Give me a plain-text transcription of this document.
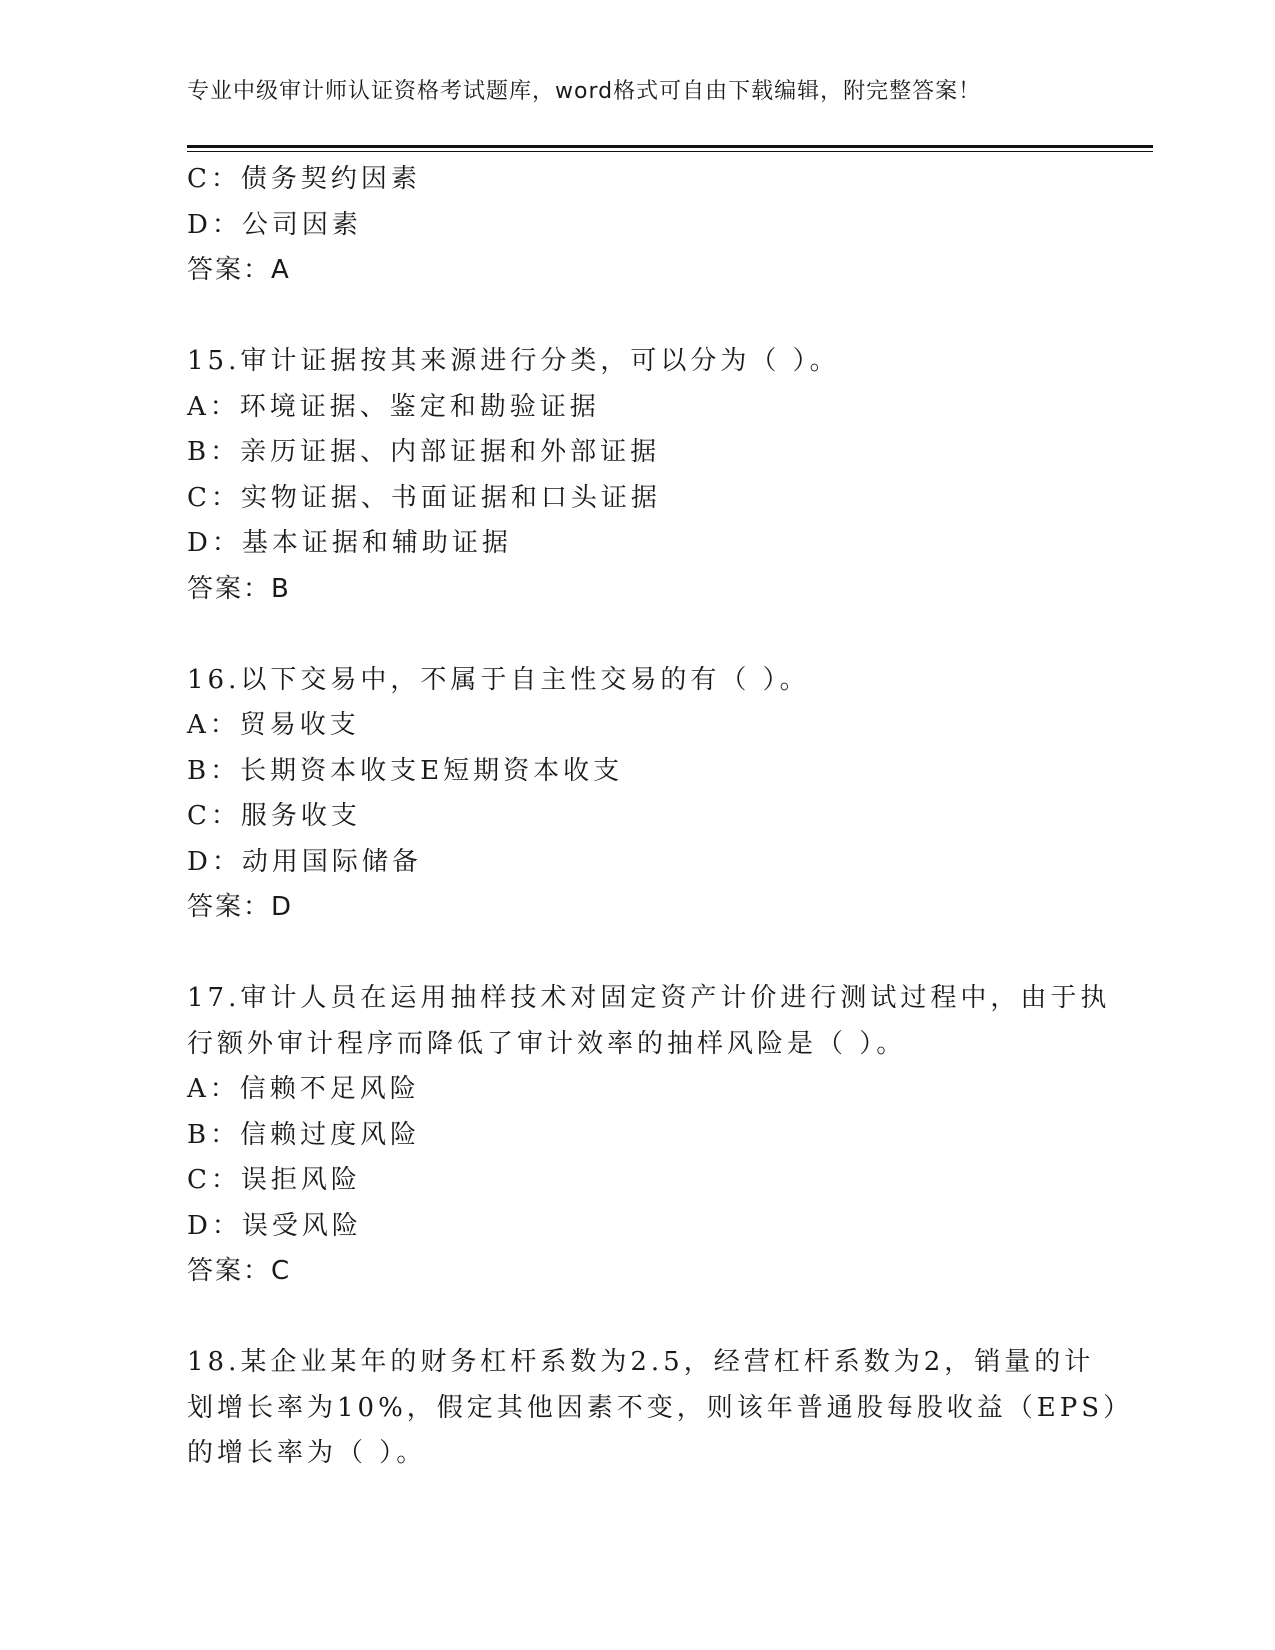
专业中级审计师认证资格考试题库，word格式可自由下载编辑，附完整答案！
C：债务契约因素
D：公司因素
答案：A
15.审计证据按其来源进行分类，可以分为（ ）。
A：环境证据、鉴定和勘验证据
B：亲历证据、内部证据和外部证据
C：实物证据、书面证据和口头证据
D：基本证据和辅助证据
答案：B
16.以下交易中，不属于自主性交易的有（ ）。
A：贸易收支
B：长期资本收支E短期资本收支
C：服务收支
D：动用国际储备
答案：D
17.审计人员在运用抽样技术对固定资产计价进行测试过程中，由于执
行额外审计程序而降低了审计效率的抽样风险是（ ）。
A：信赖不足风险
B：信赖过度风险
C：误拒风险
D：误受风险
答案：C
18.某企业某年的财务杠杆系数为2.5，经营杠杆系数为2，销量的计
划增长率为10%，假定其他因素不变，则该年普通股每股收益（EPS）
的增长率为（ ）。
